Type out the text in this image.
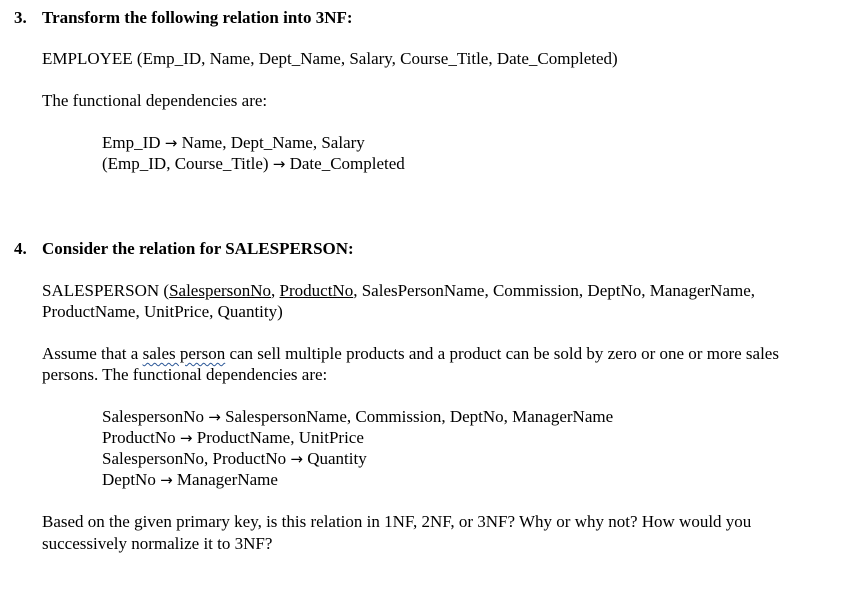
3. Transform the following relation into 3NF:
EMPLOYEE (Emp_ID, Name, Dept_Name, Salary, Course_Title, Date_Completed)
The functional dependencies are:
Emp_ID → Name, Dept_Name, Salary
(Emp_ID, Course_Title) → Date_Completed
4. Consider the relation for SALESPERSON:
SALESPERSON (SalespersonNo, ProductNo, SalesPersonName, Commission, DeptNo, ManagerName,
ProductName, UnitPrice, Quantity)
Assume that a sales person can sell multiple products and a product can be sold by zero or one or more sales
persons. The functional dependencies are:
SalespersonNo → SalespersonName, Commission, DeptNo, ManagerName
ProductNo → ProductName, UnitPrice
SalespersonNo, ProductNo → Quantity
DeptNo → ManagerName
Based on the given primary key, is this relation in 1NF, 2NF, or 3NF? Why or why not? How would you
successively normalize it to 3NF?
